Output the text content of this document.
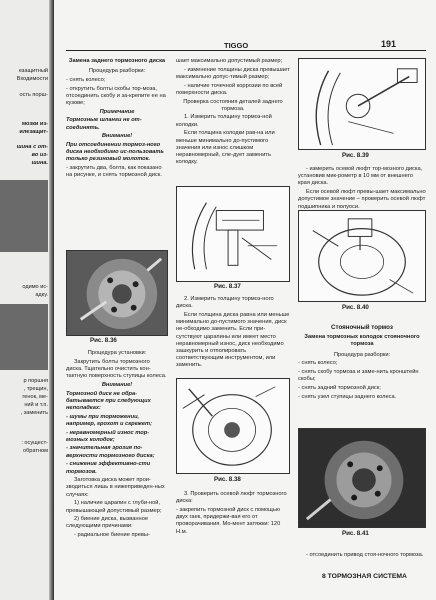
езащитный
Входимости
ость порш-
мозки из-
илезащит-
шина с от-
во из-
шина.
одимо ис-
адку.
р поршня
, трещин,
генок, ме-
ний и т.п.
, заменить
: осущест-
обратном
TIGGO	191

Замена заднего тормозного диска

Процедура разборки:

- снять колесо;

- открутить болты скобы тор-моза, отсоединить скобу и за-крепите ее на кузове;

Примечание

Тормозные шланги не от-соединять.

Внимание!

При отсоединении тормоз-ного диска необходимо ис-пользовать только резиновый молоток.

- закрутить два, болта, как показано на рисунке, и снять тормозной диск.

Рис. 8.36

Процедура установки:

Закрутить болты тормозного диска. Тщательно очистить кон-тактную поверхность ступицы колеса.

Внимание!

Тормозной диск не обра-батывается при следующих неполадках:

- шумы при торможении, например, грохот и скрежет;

- неравномерный износ тор-мозных колодок;

- значительная эрозия по-верхности тормозного диска;

- снижение эффективно-сти тормозов.

Заготовка диска может прои-зводиться лишь в нижеприведен-ных случаях:

1) наличие царапин с глуби-ной, превышающей допустимый размер;

2) биение диска, вызванное следующими причинами:

- радиальное биение превы-

шает максимально допустимый размер;

- изменение толщины диска превышает максимально допус-тимый размер;

- наличие точечной коррозии по всей поверхности диска.

Проверка состояния деталей заднего тормоза.

1. Измерить толщину тормоз-ной колодки.

Если толщина колодки рав-на или меньше минимально до-пустимого значения или износ слишком неравномерный, сле-дует заменить колодку.

Рис. 8.37

2. Измерить толщину тормоз-ного диска.

Если толщина диска равна или меньше минимально до-пустимого значения, диск не-обходимо заменить. Если при-сутствуют царапины или имеет место неравномерный износ, диск необходимо зашкурить и отполировать соответствующим инструментом, или заменить.

Рис. 8.38

3. Проверить осевой люфт тормозного диска:

- закрепить тормозной диск с помощью двух гаек, придержи-вая его от проворачивания. Мо-мент затяжки: 120 Н.м.

Рис. 8.39

- измерить осевой люфт тор-мозного диска, установив мик-рометр в 10 мм от внешнего края диска.

Если осевой люфт превы-шает максимально допустимое значение – проверить осевой люфт подшипника и полуоси.

Рис. 8.40

Стояночный тормоз

Замена тормозных колодок стояночного тормоза

Процедура разборки:

- снять колесо;

- снять скобу тормоза и заме-нить кронштейн скобы;

- снять задний тормозной диск;

- снять узел ступицы заднего колеса.

Рис. 8.41

- отсоединить привод стоя-ночного тормоза.

8 ТОРМОЗНАЯ СИСТЕМА
